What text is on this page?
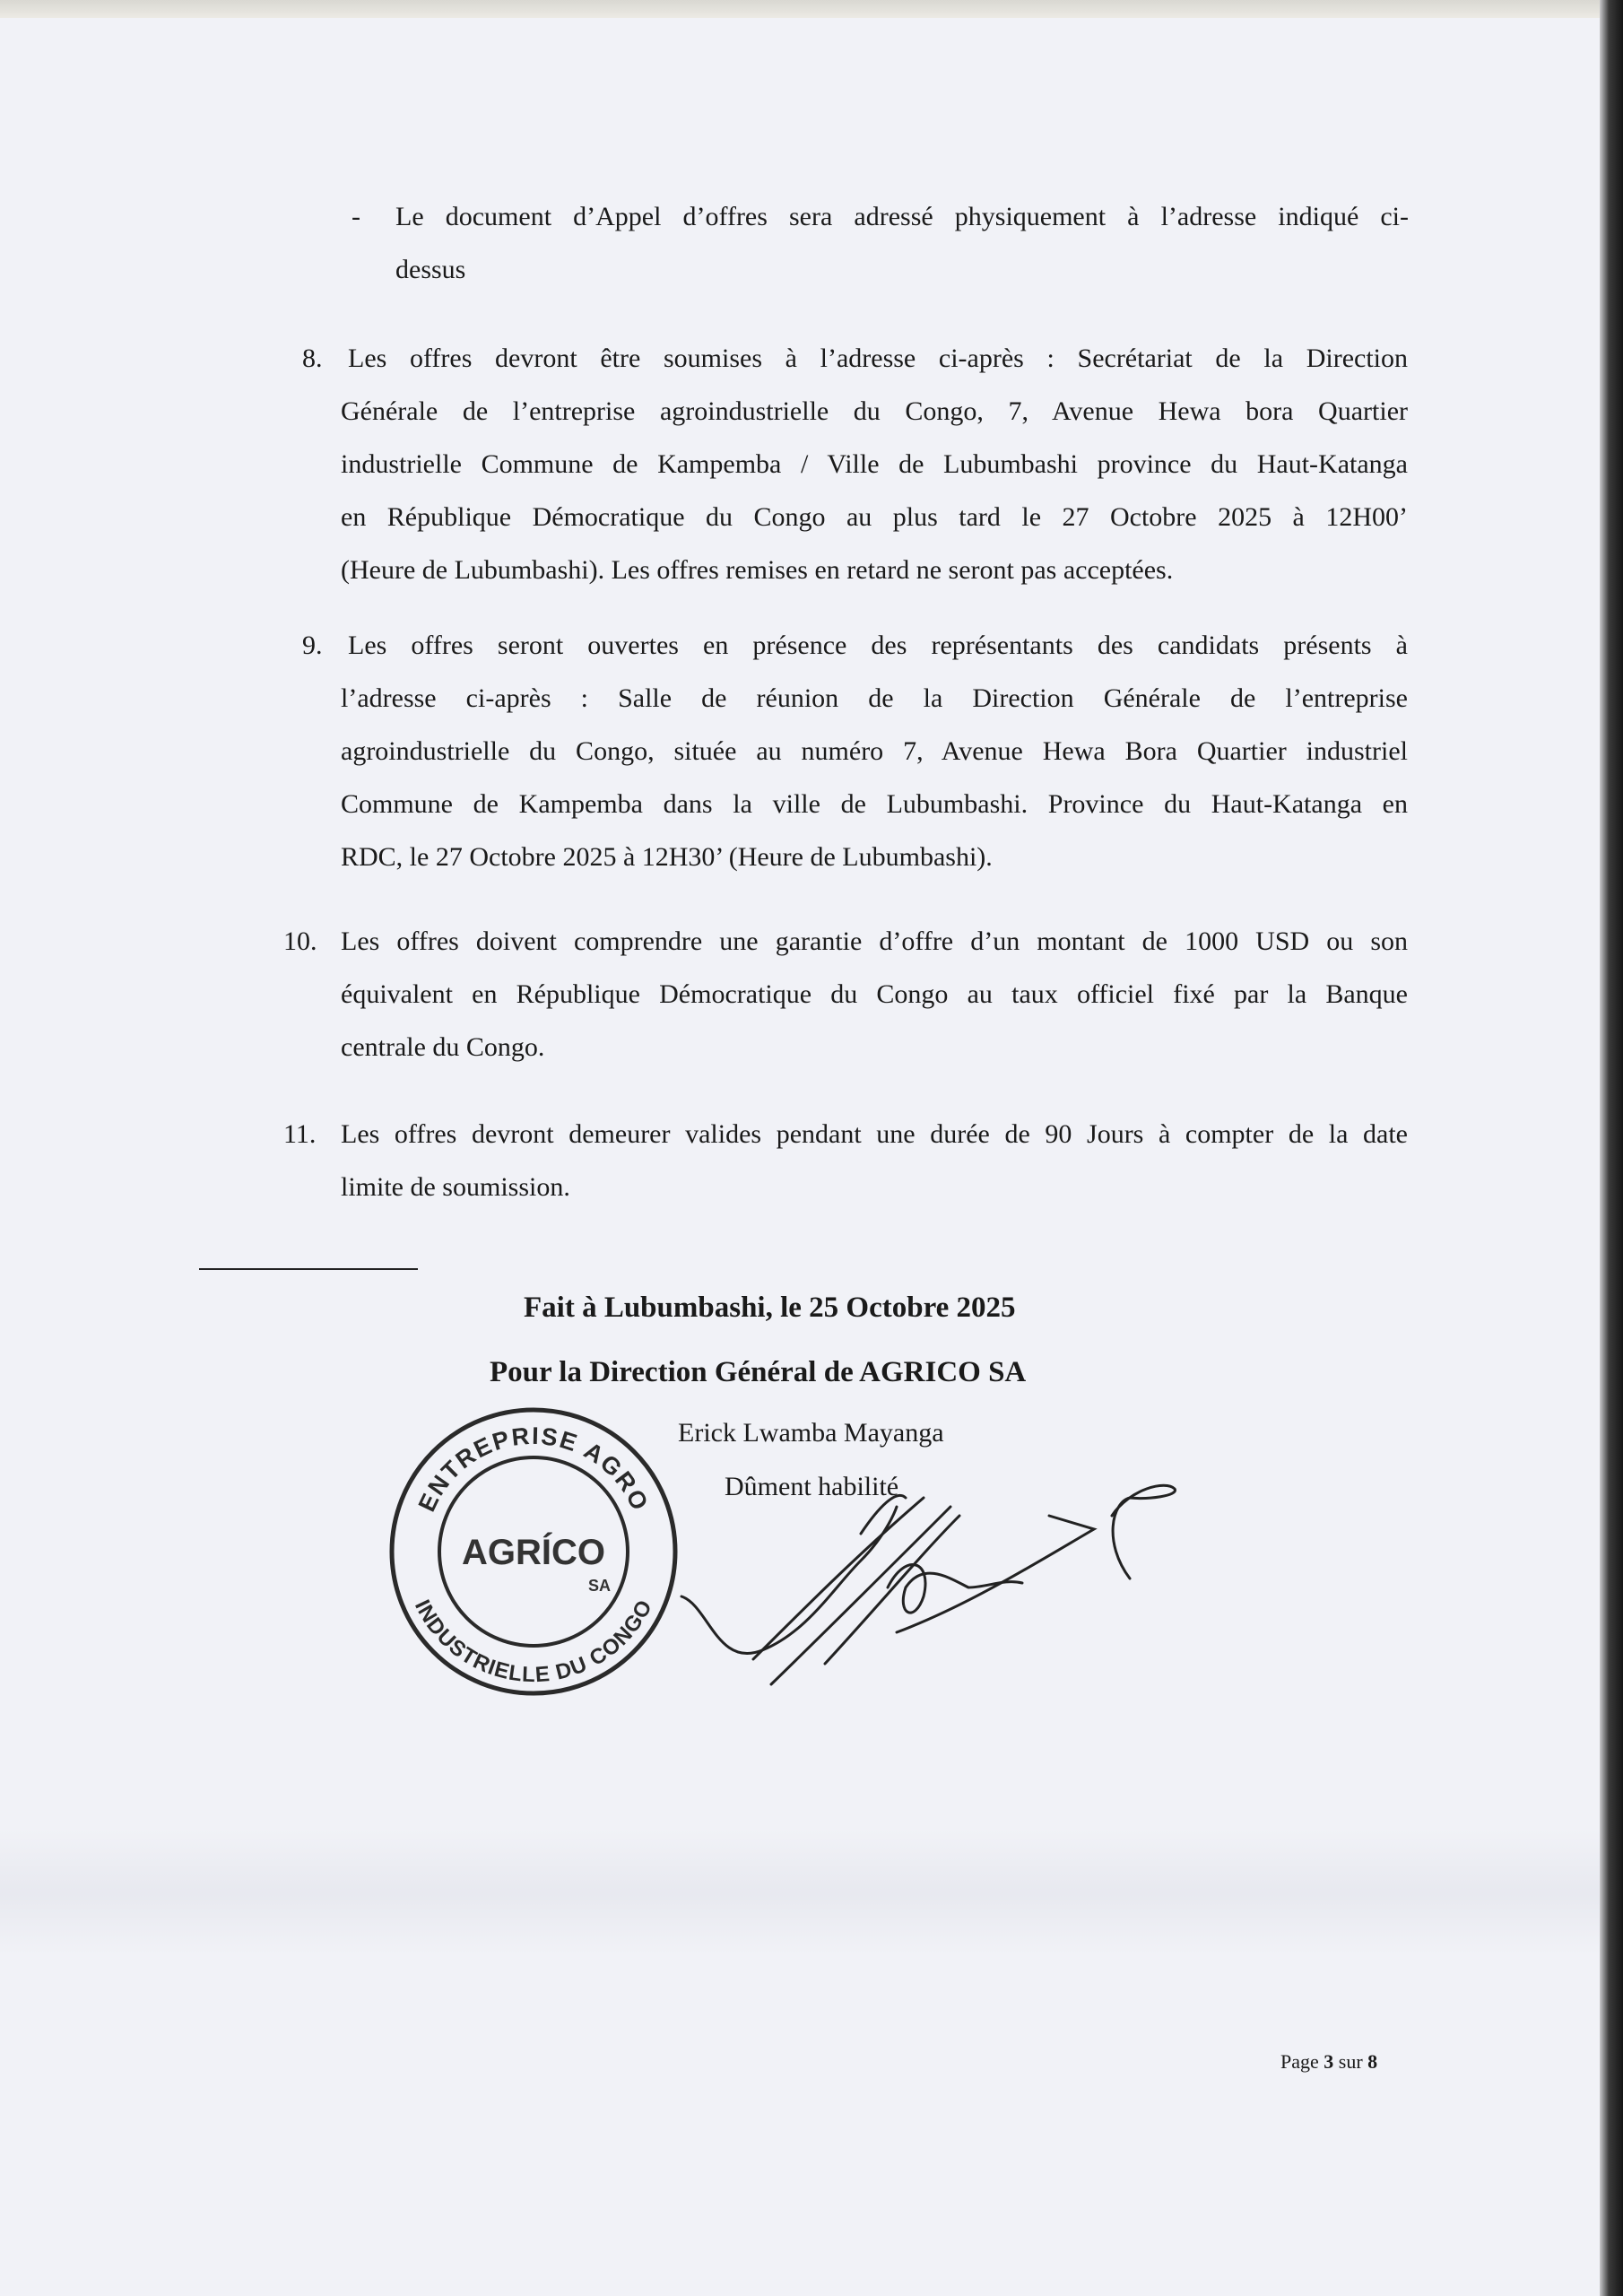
- Le document d’Appel d’offres sera adressé physiquement à l’adresse indiqué ci-
dessus
8. Les offres devront être soumises à l’adresse ci-après : Secrétariat de la Direction
Générale de l’entreprise agroindustrielle du Congo, 7, Avenue Hewa bora Quartier
industrielle Commune de Kampemba / Ville de Lubumbashi province du Haut-Katanga
en République Démocratique du Congo au plus tard le 27 Octobre 2025 à 12H00’
(Heure de Lubumbashi). Les offres remises en retard ne seront pas acceptées.
9. Les offres seront ouvertes en présence des représentants des candidats présents à
l’adresse ci-après : Salle de réunion de la Direction Générale de l’entreprise
agroindustrielle du Congo, située au numéro 7, Avenue Hewa Bora Quartier industriel
Commune de Kampemba dans la ville de Lubumbashi. Province du Haut-Katanga en
RDC, le 27 Octobre 2025 à 12H30’ (Heure de Lubumbashi).
10. Les offres doivent comprendre une garantie d’offre d’un montant de 1000 USD ou son
équivalent en République Démocratique du Congo au taux officiel fixé par la Banque
centrale du Congo.
11. Les offres devront demeurer valides pendant une durée de 90 Jours à compter de la date
limite de soumission.
Fait à Lubumbashi, le 25 Octobre 2025
Pour la Direction Général de AGRICO SA
Erick Lwamba Mayanga
Dûment habilité
ENTREPRISE AGRO
INDUSTRIELLE DU CONGO
AGRÍCO
SA
Page 3 sur 8
